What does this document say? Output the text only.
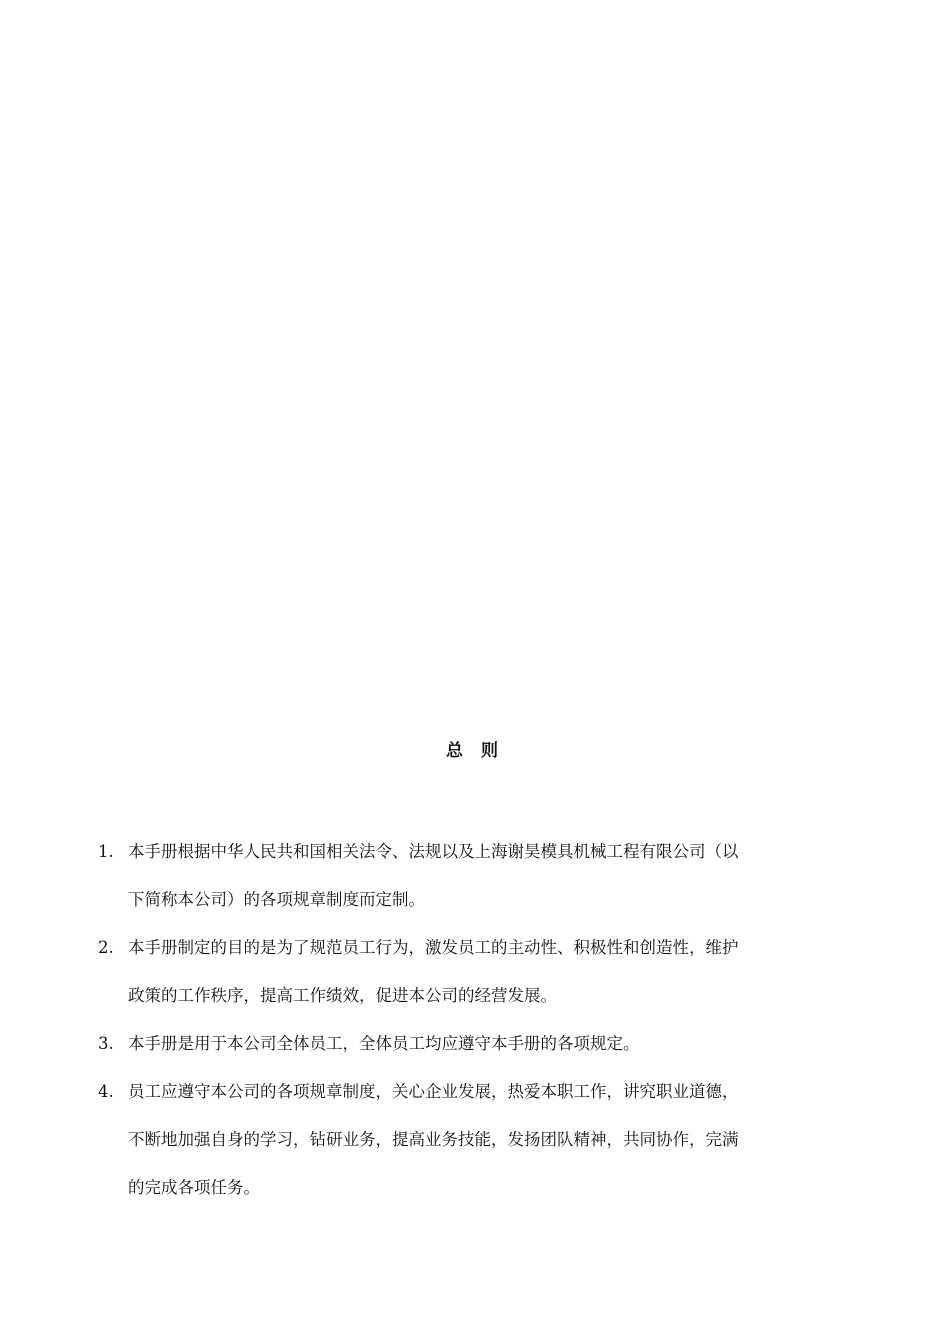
总 则
1. 本手册根据中华人民共和国相关法令、法规以及上海谢昊模具机械工程有限公司（以
下简称本公司）的各项规章制度而定制。
2. 本手册制定的目的是为了规范员工行为，激发员工的主动性、积极性和创造性，维护
政策的工作秩序，提高工作绩效，促进本公司的经营发展。
3. 本手册是用于本公司全体员工，全体员工均应遵守本手册的各项规定。
4. 员工应遵守本公司的各项规章制度，关心企业发展，热爱本职工作，讲究职业道德，
不断地加强自身的学习，钻研业务，提高业务技能，发扬团队精神，共同协作，完满
的完成各项任务。
